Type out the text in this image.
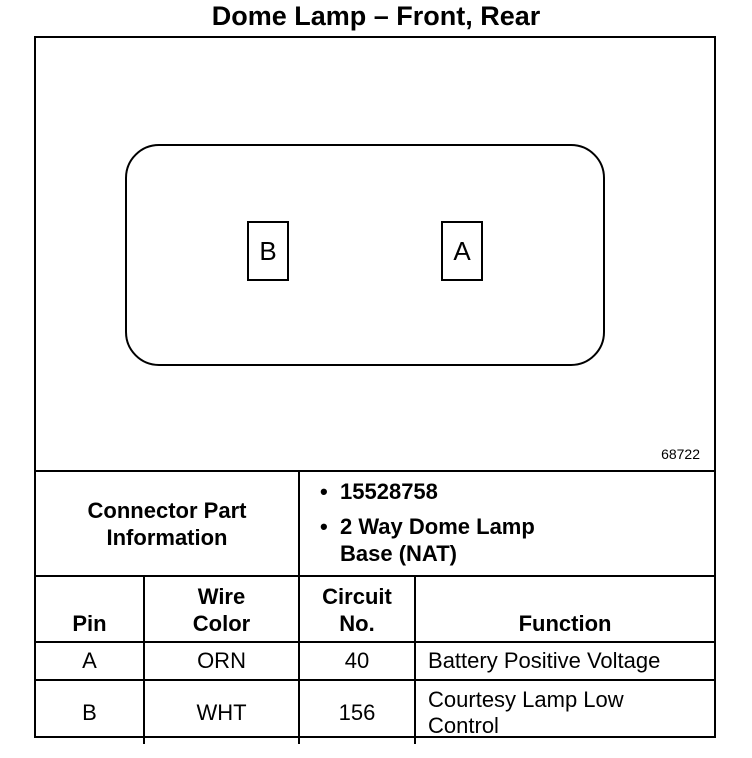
Dome Lamp – Front, Rear
B	A
68722
Connector Part Information		• 15528758
• 2 Way Dome Lamp Base (NAT)	

Pin	Wire Color	Circuit No.	Function
A	ORN	40	Battery Positive Voltage
B	WHT	156	Courtesy Lamp Low Control
